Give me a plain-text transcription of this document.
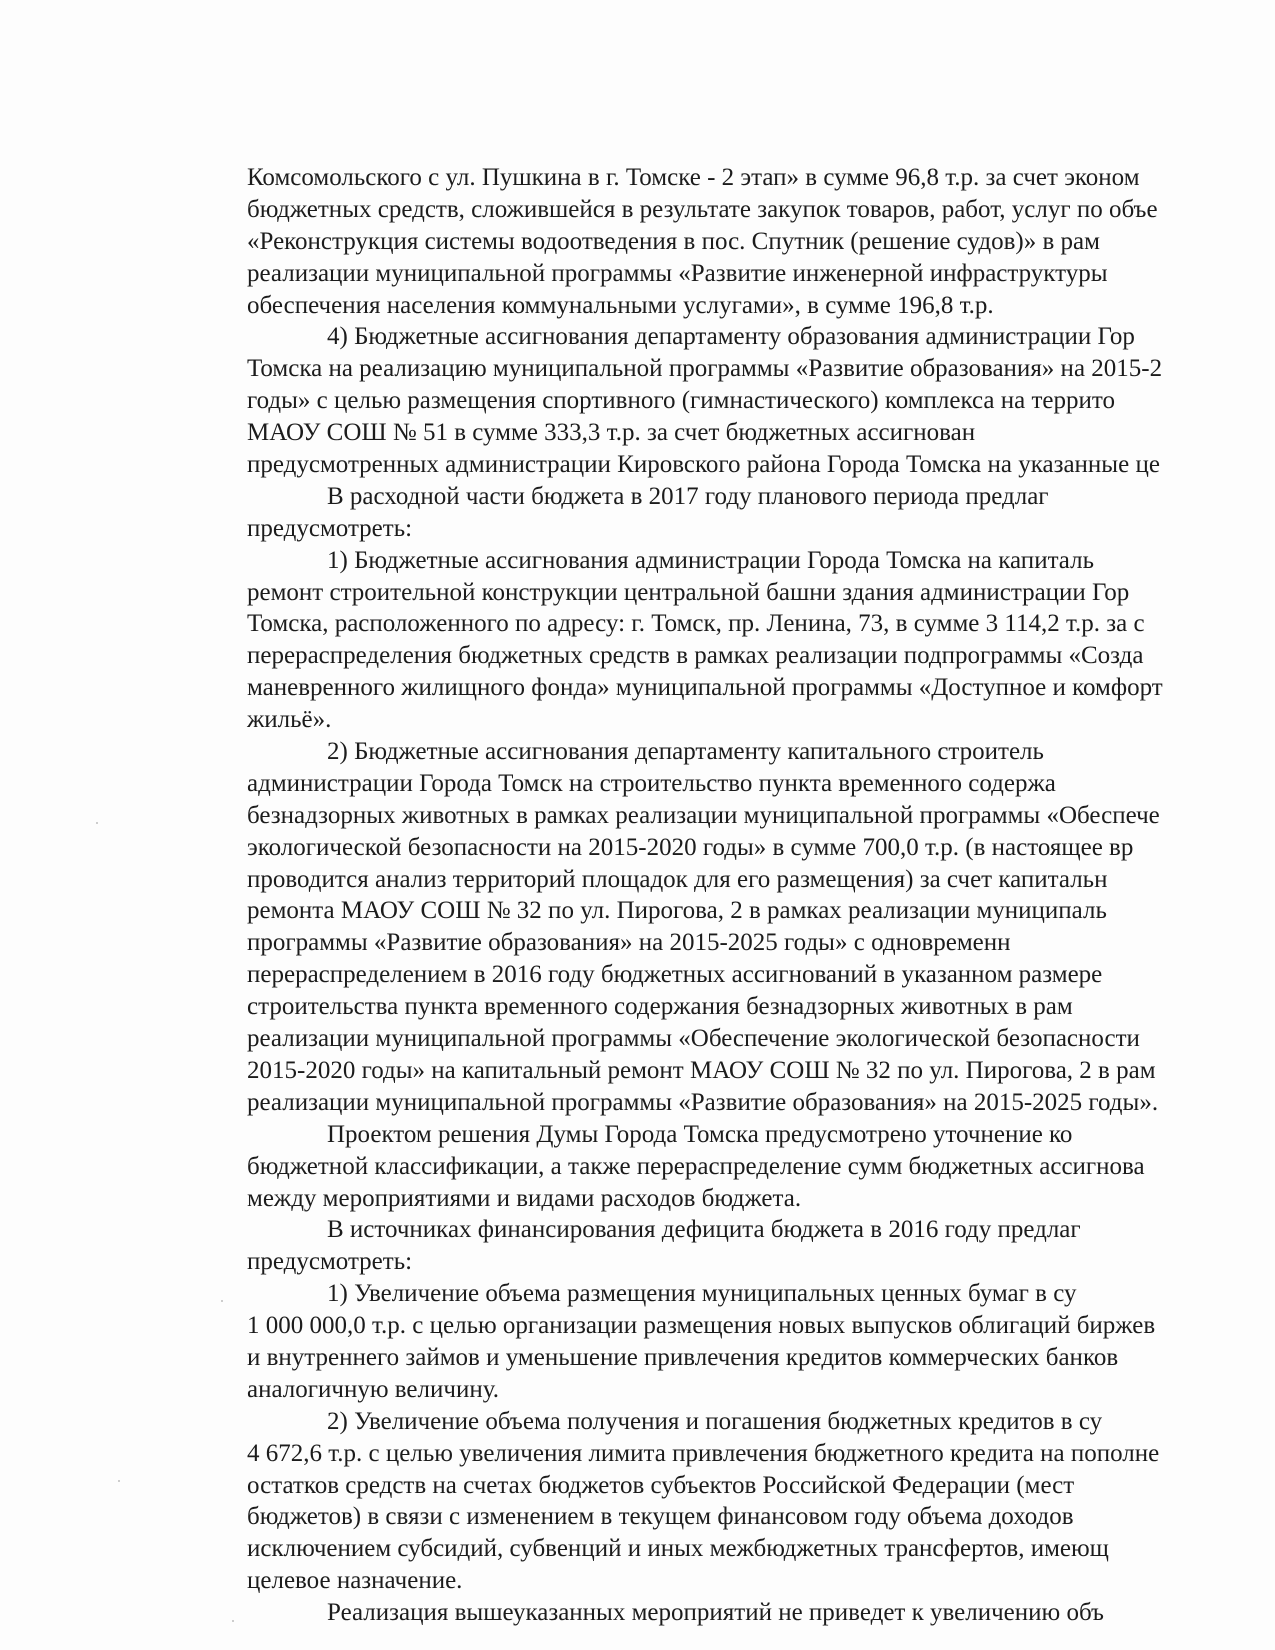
Комсомольского с ул. Пушкина в г. Томске - 2 этап» в сумме 96,8 т.р. за счет эконом
бюджетных средств, сложившейся в результате закупок товаров, работ, услуг по объе
«Реконструкция системы водоотведения в пос. Спутник (решение судов)» в рам
реализации муниципальной программы «Развитие инженерной инфраструктуры
обеспечения населения коммунальными услугами», в сумме 196,8 т.р.
4) Бюджетные ассигнования департаменту образования администрации Гор
Томска на реализацию муниципальной программы «Развитие образования» на 2015-2
годы» с целью размещения спортивного (гимнастического) комплекса на террито
МАОУ СОШ № 51 в сумме 333,3 т.р. за счет бюджетных ассигнован
предусмотренных администрации Кировского района Города Томска на указанные це
В расходной части бюджета в 2017 году планового периода предлаг
предусмотреть:
1) Бюджетные ассигнования администрации Города Томска на капиталь
ремонт строительной конструкции центральной башни здания администрации Гор
Томска, расположенного по адресу: г. Томск, пр. Ленина, 73, в сумме 3 114,2 т.р. за с
перераспределения бюджетных средств в рамках реализации подпрограммы «Созда
маневренного жилищного фонда» муниципальной программы «Доступное и комфорт
жильё».
2) Бюджетные ассигнования департаменту капитального строитель
администрации Города Томск на строительство пункта временного содержа
безнадзорных животных в рамках реализации муниципальной программы «Обеспече
экологической безопасности на 2015-2020 годы» в сумме 700,0 т.р. (в настоящее вр
проводится анализ территорий площадок для его размещения) за счет капитальн
ремонта МАОУ СОШ № 32 по ул. Пирогова, 2 в рамках реализации муниципаль
программы «Развитие образования» на 2015-2025 годы» с одновременн
перераспределением в 2016 году бюджетных ассигнований в указанном размере
строительства пункта временного содержания безнадзорных животных в рам
реализации муниципальной программы «Обеспечение экологической безопасности
2015-2020 годы» на капитальный ремонт МАОУ СОШ № 32 по ул. Пирогова, 2 в рам
реализации муниципальной программы «Развитие образования» на 2015-2025 годы».
Проектом решения Думы Города Томска предусмотрено уточнение ко
бюджетной классификации, а также перераспределение сумм бюджетных ассигнова
между мероприятиями и видами расходов бюджета.
В источниках финансирования дефицита бюджета в 2016 году предлаг
предусмотреть:
1) Увеличение объема размещения муниципальных ценных бумаг в су
1 000 000,0 т.р. с целью организации размещения новых выпусков облигаций биржев
и внутреннего займов и уменьшение привлечения кредитов коммерческих банков
аналогичную величину.
2) Увеличение объема получения и погашения бюджетных кредитов в су
4 672,6 т.р. с целью увеличения лимита привлечения бюджетного кредита на пополне
остатков средств на счетах бюджетов субъектов Российской Федерации (мест
бюджетов) в связи с изменением в текущем финансовом году объема доходов
исключением субсидий, субвенций и иных межбюджетных трансфертов, имеющ
целевое назначение.
Реализация вышеуказанных мероприятий не приведет к увеличению объ
